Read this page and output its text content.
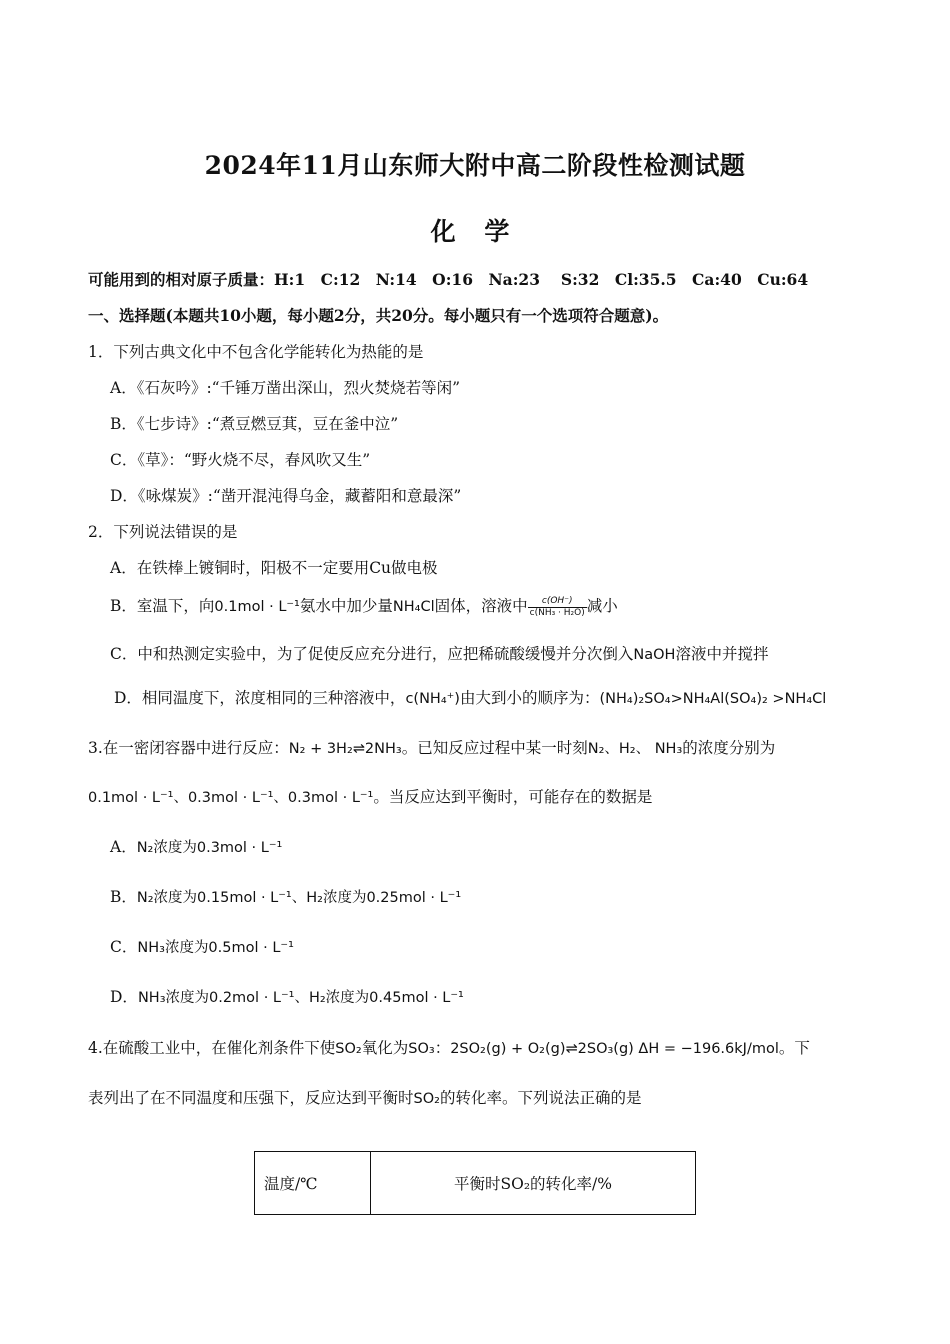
2024年11月山东师大附中高二阶段性检测试题
化 学
可能用到的相对原子质量：H:1　C:12　N:14　O:16　Na:23　 S:32　Cl:35.5　Ca:40　Cu:64
一、选择题(本题共10小题，每小题2分，共20分。每小题只有一个选项符合题意)。
1．下列古典文化中不包含化学能转化为热能的是
A．《石灰吟》:“千锤万凿出深山，烈火焚烧若等闲”
B．《七步诗》:“煮豆燃豆萁，豆在釜中泣”
C．《草》：“野火烧不尽，春风吹又生”
D．《咏煤炭》:“凿开混沌得乌金，藏蓄阳和意最深”
2．下列说法错误的是
A．在铁棒上镀铜时，阳极不一定要用Cu做电极
B．室温下，向0.1mol · L⁻¹氨水中加少量NH₄Cl固体，溶液中 $\frac{c(OH^-)}{\text{c(NH₃ · H₂O)}}$ 减小
C．中和热测定实验中，为了促使反应充分进行，应把稀硫酸缓慢并分次倒入NaOH溶液中并搅拌
D．相同温度下，浓度相同的三种溶液中，c(NH₄⁺)由大到小的顺序为：(NH₄)₂SO₄>NH₄Al(SO₄)₂ >NH₄Cl
3.在一密闭容器中进行反应：N₂ + 3H₂⇌2NH₃。已知反应过程中某一时刻N₂、H₂、 NH₃的浓度分别为
0.1mol · L⁻¹、0.3mol · L⁻¹、0.3mol · L⁻¹。当反应达到平衡时，可能存在的数据是
A．N₂浓度为0.3mol · L⁻¹
B．N₂浓度为0.15mol · L⁻¹、H₂浓度为0.25mol · L⁻¹
C．NH₃浓度为0.5mol · L⁻¹
D．NH₃浓度为0.2mol · L⁻¹、H₂浓度为0.45mol · L⁻¹
4.在硫酸工业中，在催化剂条件下使SO₂氧化为SO₃：2SO₂(g) + O₂(g)⇌2SO₃(g) ΔH = −196.6kJ/mol。下
表列出了在不同温度和压强下，反应达到平衡时SO₂的转化率。下列说法正确的是
温度/℃	平衡时SO₂的转化率/%
